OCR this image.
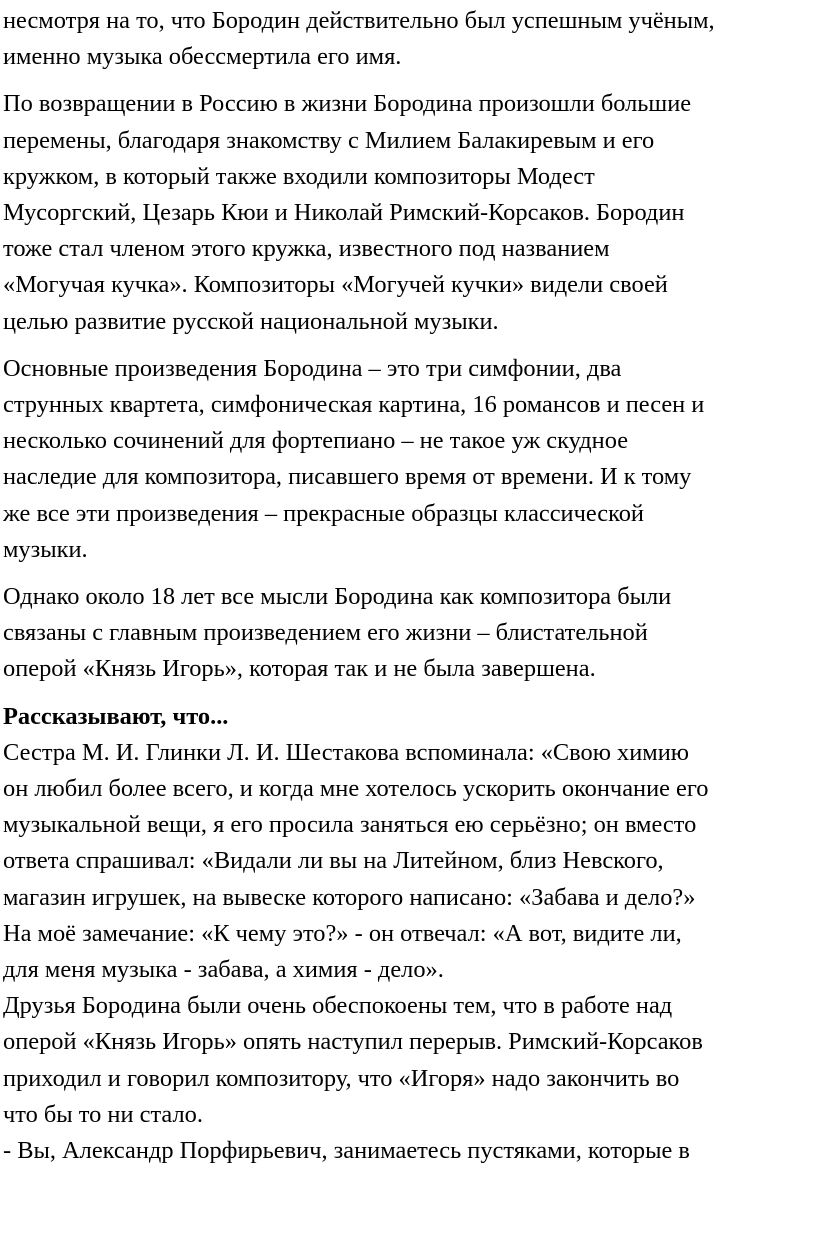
несмотря на то, что Бородин действительно был успешным учёным,
именно музыка обессмертила его имя.

По возвращении в Россию в жизни Бородина произошли большие
перемены, благодаря знакомству с Милием Балакиревым и его
кружком, в который также входили композиторы Модест
Мусоргский, Цезарь Кюи и Николай Римский-Корсаков. Бородин
тоже стал членом этого кружка, известного под названием
«Могучая кучка». Композиторы «Могучей кучки» видели своей
целью развитие русской национальной музыки.

Основные произведения Бородина – это три симфонии, два
струнных квартета, симфоническая картина, 16 романсов и песен и
несколько сочинений для фортепиано – не такое уж скудное
наследие для композитора, писавшего время от времени. И к тому
же все эти произведения – прекрасные образцы классической
музыки.

Однако около 18 лет все мысли Бородина как композитора были
связаны с главным произведением его жизни – блистательной
оперой «Князь Игорь», которая так и не была завершена.

Рассказывают, что...

Сестра М. И. Глинки Л. И. Шестакова вспоминала: «Свою химию
он любил более всего, и когда мне хотелось ускорить окончание его
музыкальной вещи, я его просила заняться ею серьёзно; он вместо
ответа спрашивал: «Видали ли вы на Литейном, близ Невского,
магазин игрушек, на вывеске которого написано: «Забава и дело?»
На моё замечание: «К чему это?» - он отвечал: «А вот, видите ли,
для меня музыка - забава, а химия - дело».

Друзья Бородина были очень обеспокоены тем, что в работе над
оперой «Князь Игорь» опять наступил перерыв. Римский-Корсаков
приходил и говорил композитору, что «Игоря» надо закончить во
что бы то ни стало.

- Вы, Александр Порфирьевич, занимаетесь пустяками, которые в
